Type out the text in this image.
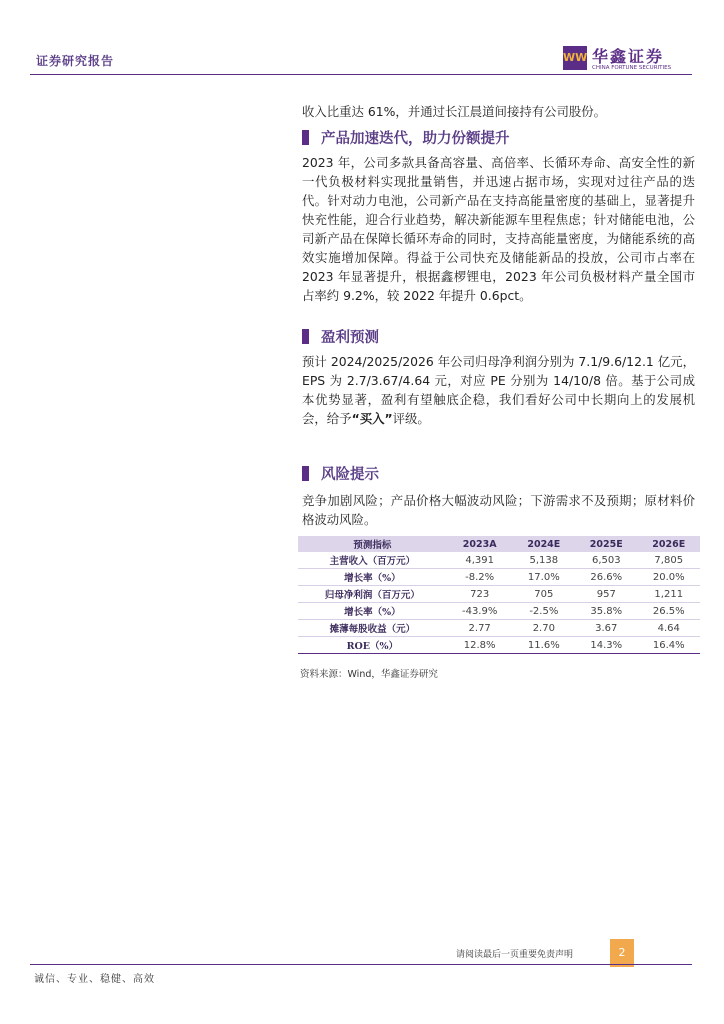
证券研究报告	WW 华鑫证券
CHINA FORTUNE SECURITIES
收入比重达 61%，并通过长江晨道间接持有公司股份。
产品加速迭代，助力份额提升
2023 年，公司多款具备高容量、高倍率、长循环寿命、高安全性的新一代负极材料实现批量销售，并迅速占据市场，实现对过往产品的迭代。针对动力电池，公司新产品在支持高能量密度的基础上，显著提升快充性能，迎合行业趋势，解决新能源车里程焦虑；针对储能电池，公司新产品在保障长循环寿命的同时，支持高能量密度，为储能系统的高效实施增加保障。得益于公司快充及储能新品的投放，公司市占率在 2023 年显著提升，根据鑫椤锂电，2023 年公司负极材料产量全国市占率约 9.2%，较 2022 年提升 0.6pct。
盈利预测
预计 2024/2025/2026 年公司归母净利润分别为 7.1/9.6/12.1 亿元，EPS 为 2.7/3.67/4.64 元，对应 PE 分别为 14/10/8 倍。基于公司成本优势显著，盈利有望触底企稳，我们看好公司中长期向上的发展机会，给予“买入”评级。
风险提示
竞争加剧风险；产品价格大幅波动风险；下游需求不及预期；原材料价格波动风险。
预测指标	2023A	2024E	2025E	2026E
主营收入（百万元）	4,391	5,138	6,503	7,805
增长率（%）	-8.2%	17.0%	26.6%	20.0%
归母净利润（百万元）	723	705	957	1,211
增长率（%）	-43.9%	-2.5%	35.8%	26.5%
摊薄每股收益（元）	2.77	2.70	3.67	4.64
ROE（%）	12.8%	11.6%	14.3%	16.4%
资料来源：Wind，华鑫证券研究
请阅读最后一页重要免责声明	2
诚信、专业、稳健、高效
